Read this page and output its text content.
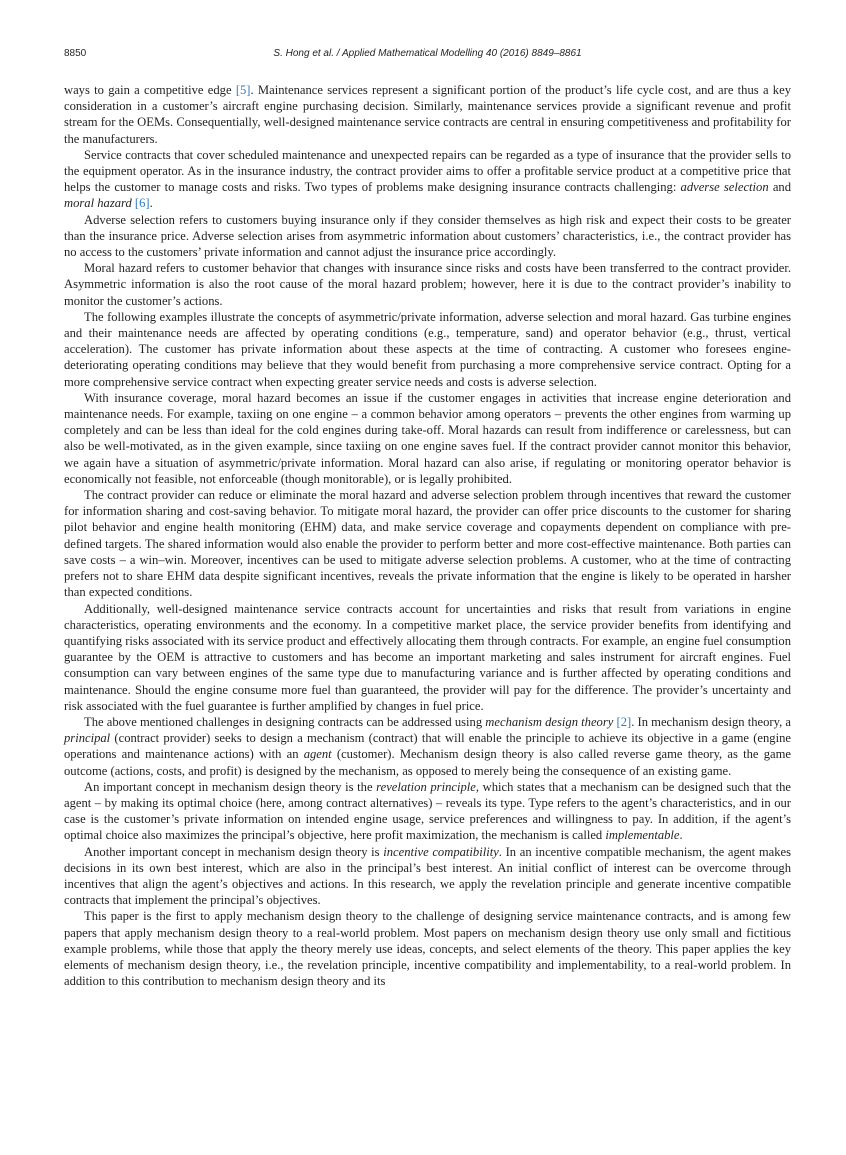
8850	S. Hong et al. / Applied Mathematical Modelling 40 (2016) 8849–8861

ways to gain a competitive edge [5]. Maintenance services represent a significant portion of the product’s life cycle cost, and are thus a key consideration in a customer’s aircraft engine purchasing decision. Similarly, maintenance services provide a significant revenue and profit stream for the OEMs. Consequentially, well-designed maintenance service contracts are central in ensuring competitiveness and profitability for the manufacturers.

Service contracts that cover scheduled maintenance and unexpected repairs can be regarded as a type of insurance that the provider sells to the equipment operator. As in the insurance industry, the contract provider aims to offer a profitable service product at a competitive price that helps the customer to manage costs and risks. Two types of problems make designing insurance contracts challenging: adverse selection and moral hazard [6].

Adverse selection refers to customers buying insurance only if they consider themselves as high risk and expect their costs to be greater than the insurance price. Adverse selection arises from asymmetric information about customers’ characteristics, i.e., the contract provider has no access to the customers’ private information and cannot adjust the insurance price accordingly.

Moral hazard refers to customer behavior that changes with insurance since risks and costs have been transferred to the contract provider. Asymmetric information is also the root cause of the moral hazard problem; however, here it is due to the contract provider’s inability to monitor the customer’s actions.

The following examples illustrate the concepts of asymmetric/private information, adverse selection and moral hazard. Gas turbine engines and their maintenance needs are affected by operating conditions (e.g., temperature, sand) and operator behavior (e.g., thrust, vertical acceleration). The customer has private information about these aspects at the time of contracting. A customer who foresees engine-deteriorating operating conditions may believe that they would benefit from purchasing a more comprehensive service contract. Opting for a more comprehensive service contract when expecting greater service needs and costs is adverse selection.

With insurance coverage, moral hazard becomes an issue if the customer engages in activities that increase engine deterioration and maintenance needs. For example, taxiing on one engine – a common behavior among operators – prevents the other engines from warming up completely and can be less than ideal for the cold engines during take-off. Moral hazards can result from indifference or carelessness, but can also be well-motivated, as in the given example, since taxiing on one engine saves fuel. If the contract provider cannot monitor this behavior, we again have a situation of asymmetric/private information. Moral hazard can also arise, if regulating or monitoring operator behavior is economically not feasible, not enforceable (though monitorable), or is legally prohibited.

The contract provider can reduce or eliminate the moral hazard and adverse selection problem through incentives that reward the customer for information sharing and cost-saving behavior. To mitigate moral hazard, the provider can offer price discounts to the customer for sharing pilot behavior and engine health monitoring (EHM) data, and make service coverage and copayments dependent on compliance with pre-defined targets. The shared information would also enable the provider to perform better and more cost-effective maintenance. Both parties can save costs – a win–win. Moreover, incentives can be used to mitigate adverse selection problems. A customer, who at the time of contracting prefers not to share EHM data despite significant incentives, reveals the private information that the engine is likely to be operated in harsher than expected conditions.

Additionally, well-designed maintenance service contracts account for uncertainties and risks that result from variations in engine characteristics, operating environments and the economy. In a competitive market place, the service provider benefits from identifying and quantifying risks associated with its service product and effectively allocating them through contracts. For example, an engine fuel consumption guarantee by the OEM is attractive to customers and has become an important marketing and sales instrument for aircraft engines. Fuel consumption can vary between engines of the same type due to manufacturing variance and is further affected by operating conditions and maintenance. Should the engine consume more fuel than guaranteed, the provider will pay for the difference. The provider’s uncertainty and risk associated with the fuel guarantee is further amplified by changes in fuel price.

The above mentioned challenges in designing contracts can be addressed using mechanism design theory [2]. In mechanism design theory, a principal (contract provider) seeks to design a mechanism (contract) that will enable the principle to achieve its objective in a game (engine operations and maintenance actions) with an agent (customer). Mechanism design theory is also called reverse game theory, as the game outcome (actions, costs, and profit) is designed by the mechanism, as opposed to merely being the consequence of an existing game.

An important concept in mechanism design theory is the revelation principle, which states that a mechanism can be designed such that the agent – by making its optimal choice (here, among contract alternatives) – reveals its type. Type refers to the agent’s characteristics, and in our case is the customer’s private information on intended engine usage, service preferences and willingness to pay. In addition, if the agent’s optimal choice also maximizes the principal’s objective, here profit maximization, the mechanism is called implementable.

Another important concept in mechanism design theory is incentive compatibility. In an incentive compatible mechanism, the agent makes decisions in its own best interest, which are also in the principal’s best interest. An initial conflict of interest can be overcome through incentives that align the agent’s objectives and actions. In this research, we apply the revelation principle and generate incentive compatible contracts that implement the principal’s objectives.

This paper is the first to apply mechanism design theory to the challenge of designing service maintenance contracts, and is among few papers that apply mechanism design theory to a real-world problem. Most papers on mechanism design theory use only small and fictitious example problems, while those that apply the theory merely use ideas, concepts, and select elements of the theory. This paper applies the key elements of mechanism design theory, i.e., the revelation principle, incentive compatibility and implementability, to a real-world problem. In addition to this contribution to mechanism design theory and its
